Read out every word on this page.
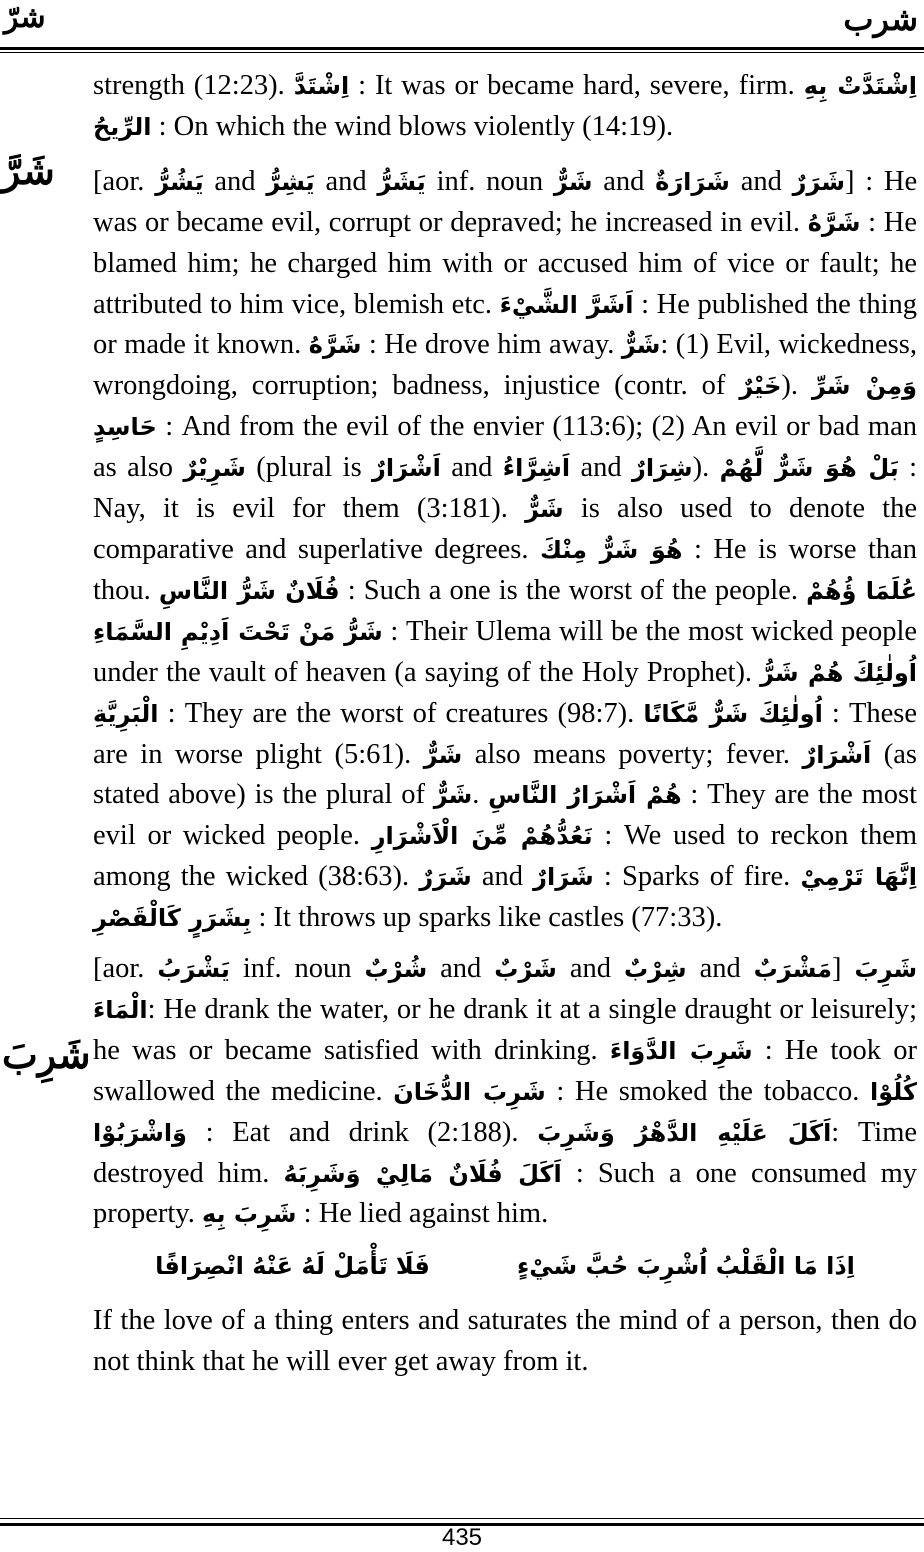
شرّ	شرب
شَرَّ
شَرِبَ

strength (12:23). اِشْتَدَّ : It was or became hard, severe, firm. اِشْتَدَّتْ بِهِ الرِّيحُ : On which the wind blows violently (14:19).

[aor. يَشُرُّ and يَشِرُّ and يَشَرُّ inf. noun شَرٌّ and شَرَارَةٌ and شَرَرٌ] : He was or became evil, corrupt or depraved; he increased in evil. شَرَّهُ : He blamed him; he charged him with or accused him of vice or fault; he attributed to him vice, blemish etc. اَشَرَّ الشَّيْءَ : He published the thing or made it known. شَرَّهُ : He drove him away. شَرٌّ: (1) Evil, wickedness, wrongdoing, corruption; badness, injustice (contr. of خَيْرٌ). وَمِنْ شَرِّ حَاسِدٍ : And from the evil of the envier (113:6); (2) An evil or bad man as also شَرِيْرٌ (plural is اَشْرَارٌ and اَشِرَّاءُ and شِرَارٌ). بَلْ هُوَ شَرٌّ لَّهُمْ : Nay, it is evil for them (3:181). شَرٌّ is also used to denote the comparative and superlative degrees. هُوَ شَرٌّ مِنْكَ : He is worse than thou. فُلَانٌ شَرُّ النَّاسِ : Such a one is the worst of the people. عُلَمَا ؤُهُمْ شَرُّ مَنْ تَحْتَ اَدِيْمِ السَّمَاءِ : Their Ulema will be the most wicked people under the vault of heaven (a saying of the Holy Prophet). اُولٰئِكَ هُمْ شَرُّ الْبَرِيَّةِ : They are the worst of creatures (98:7). اُولٰئِكَ شَرٌّ مَّكَانًا : These are in worse plight (5:61). شَرٌّ also means poverty; fever. اَشْرَارٌ (as stated above) is the plural of شَرٌّ. هُمْ اَشْرَارُ النَّاسِ : They are the most evil or wicked people. نَعُدُّهُمْ مِّنَ الْاَشْرَارِ : We used to reckon them among the wicked (38:63). شَرَرٌ and شَرَارٌ : Sparks of fire. اِنَّهَا تَرْمِيْ بِشَرَرٍ كَالْقَصْرِ : It throws up sparks like castles (77:33).

[aor. يَشْرَبُ inf. noun شُرْبٌ and شَرْبٌ and شِرْبٌ and مَشْرَبٌ] شَرِبَ الْمَاءَ: He drank the water, or he drank it at a single draught or leisurely; he was or became satisfied with drinking. شَرِبَ الدَّوَاءَ : He took or swallowed the medicine. شَرِبَ الدُّخَانَ : He smoked the tobacco. كُلُوْا وَاشْرَبُوْا : Eat and drink (2:188). اَكَلَ عَلَيْهِ الدَّهْرُ وَشَرِبَ: Time destroyed him. اَكَلَ فُلَانٌ مَالِيْ وَشَرِبَهُ : Such a one consumed my property. شَرِبَ بِهِ : He lied against him.

فَلَا تَأْمَلْ لَهُ عَنْهُ انْصِرَافًا	اِذَا مَا الْقَلْبُ اُشْرِبَ حُبَّ شَيْءٍ

If the love of a thing enters and saturates the mind of a person, then do not think that he will ever get away from it.

435
